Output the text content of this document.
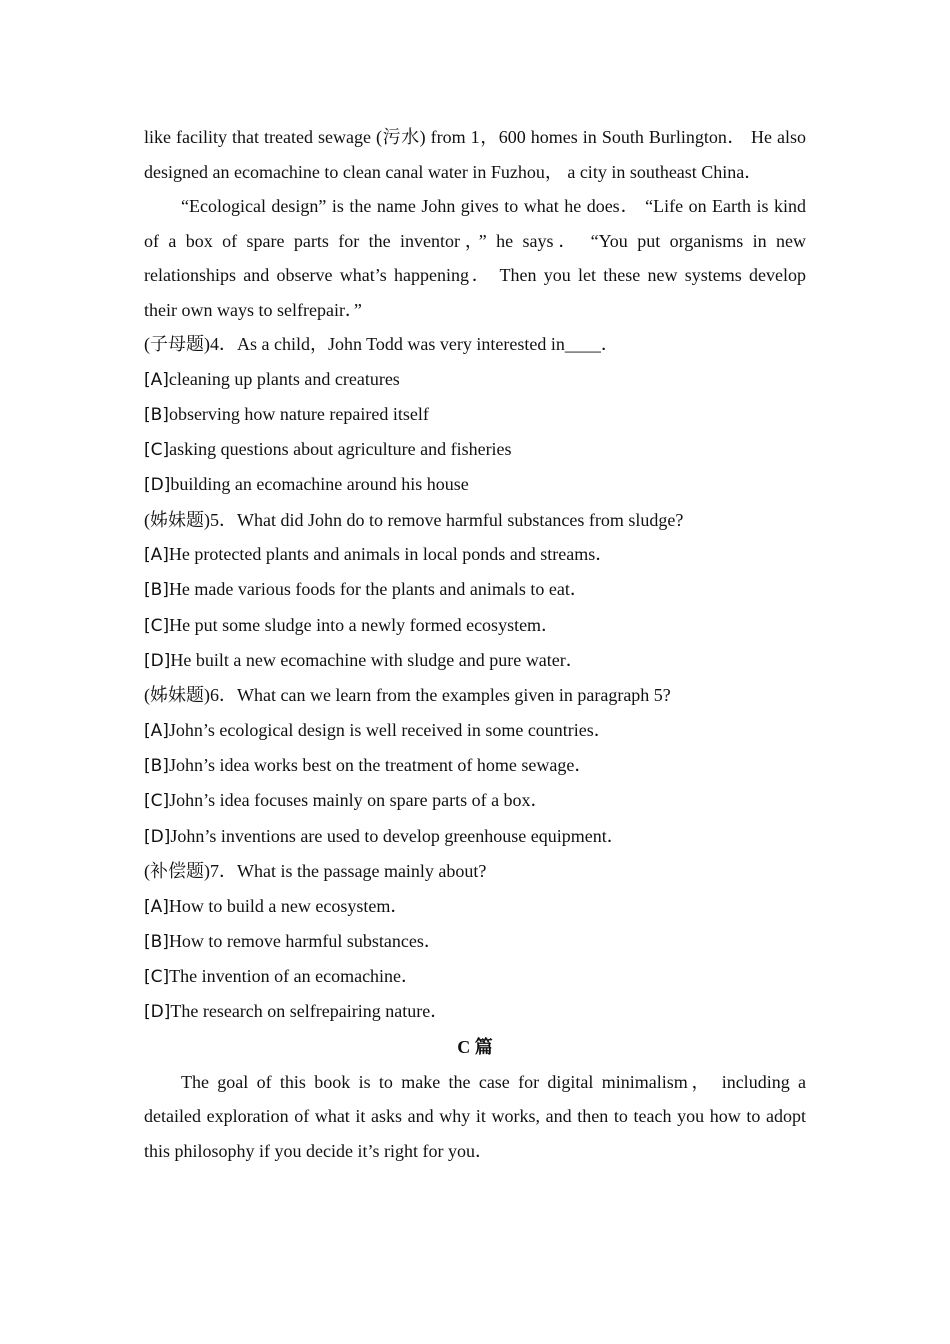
like facility that treated sewage (污水) from 1，600 homes in South Burlington． He also designed an ecomachine to clean canal water in Fuzhou， a city in southeast China．

“Ecological design” is the name John gives to what he does． “Life on Earth is kind of a box of spare parts for the inventor，” he says． “You put organisms in new relationships and observe what’s happening． Then you let these new systems develop their own ways to selfrepair．”

(子母题)4．As a child，John Todd was very interested in____．

[A]cleaning up plants and creatures

[B]observing how nature repaired itself

[C]asking questions about agriculture and fisheries

[D]building an ecomachine around his house

(姊妹题)5．What did John do to remove harmful substances from sludge?

[A]He protected plants and animals in local ponds and streams．

[B]He made various foods for the plants and animals to eat．

[C]He put some sludge into a newly formed ecosystem．

[D]He built a new ecomachine with sludge and pure water．

(姊妹题)6．What can we learn from the examples given in paragraph 5?

[A]John’s ecological design is well received in some countries．

[B]John’s idea works best on the treatment of home sewage．

[C]John’s idea focuses mainly on spare parts of a box．

[D]John’s inventions are used to develop greenhouse equipment．

(补偿题)7．What is the passage mainly about?

[A]How to build a new ecosystem．

[B]How to remove harmful substances．

[C]The invention of an ecomachine．

[D]The research on selfrepairing nature．

C 篇

The goal of this book is to make the case for digital minimalism， including a detailed exploration of what it asks and why it works, and then to teach you how to adopt this philosophy if you decide it’s right for you．
